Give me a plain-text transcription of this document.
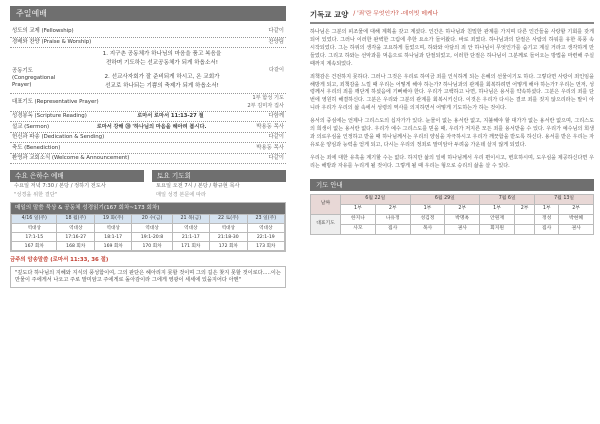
주일예배
성도의 교제 (Fellowship)	다같이
경배와 찬양 (Praise & Worship)	찬양팀
공동기도
(Congregational
Prayer)
1. 지구촌 공동체가 하나님의 마음을 품고 복음을
전하며 기도하는 선교공동체가 되게 하옵소서!
2. 선교사자회가 잘 준비되게 하시고, 온 교회가
선교로 하나되는 기쁨의 축제가 되게 하옵소서!
다같이
대표기도 (Representative Prayer)
1부 함성 기도
2부 김미자 집사
성경봉독 (Scripture Reading)	로마서 로마서 11:13-27 절	다함께
설교 (Sermon)	로마서 강해 ⑳ '하나님의 마음을 헤아려 봅시다.	박용동 목사
헌신과 파송 (Dedication & Sending)	다같이
축도 (Benediction)	박용동 목사
환영과 교회소식 (Welcome & Announcement)	다같이
수요 은하수 예배
수요일 저녁 7:30 / 본당 / 정하기 전도사
"성경을 위한 결단"
토요 기도회
토요일 오전 7시 / 본당 / 황규현 목사
매일 성경 본문에 따라
매일의 말씀 묵상 & 공동체 성경읽기(167 회차~173 회차)
4/16 일(주)	18 월(주)	19 화(주)	20 수(금)	21 목(금)	22 토(주)	23 일(주)
역대상	역대상	역대상	역대상	역대상	역대상	역대상
17:1-15	17:16-27	18:1-17	19:1-20:8	21:1-17	21:18-30	22:1-19
167 회차	168 회차	169 회차	170 회차	171 회차	172 회차	173 회차
금주의 암송말씀 (로마서 11:33, 36 절)
"깊도다 하나님의 지혜와 지식의 풍성함이여, 그의 판단은 헤아리지 못할 것이며 그의 길은 찾지 못할 것이로다.....이는 만물이 주에게서 나오고 주로 말미암고 주에게로 돌아감이라 그에게 영광이 세세에 있을지어다 아멘"
기독교 교양 / '죄'란 무엇인가? -데이빗 메케나
하나님은 그분의 피조물에 대해 계획을 갖고 계셨다. 인간은 하나님과 친밀한 관계를 가지며 다른 인간들을 사랑할 기회를 갖게 되어 있었다. 그러나 이러한 완벽한 그림에 추한 요소가 들어왔다. 바로 죄였다. 하나님과의 단절은 사람의 하워를 유한 폭풍 속 시작되었다. 그는 하위의 생각을 고요하게 들었으며, 하와와 아담의 죄 안 하나님이 무엇인가를 숨기고 계실 거라고 생각하게 만들었다. 그리고 하와는 선악과를 먹음으로 하나님과 단절되었고, 이러한 단절은 하나님이 그분께로 들어오는 방법을 마련해 주실 때까지 계속되었다.
죄책감은 건전하지 못하다. 그러나 그것은 우리로 하여금 죄를 인식하게 되는 은혜의 선물이기도 하다. 그렇다면 사랑이 죄인임을 해방게 되고, 죄책감을 느낄 때 우리는 어떻게 해야 하는가? 하나님과의 관계를 회복하려면 어떻게 해야 하는가? 우리는 먼저, 성령께서 우리의 죄를 깨닫게 하셨음에 기뻐해야 한다. 우리가 고백하고 나면, 하나님은 용서를 약속하셨다. 그분은 우리의 죄를 단번에 영원히 해결하신다. 그분은 우리와 그분의 관계를 회복시키신다. 이것은 우리가 다시는 결코 죄를 짓지 않으리라는 말이 아니라 우리가 우리의 삶 속에서 성령의 역사를 의지하면서 어떻게 기도하는가 하는 것이다.
용서의 중심에는 언제나 그리스도의 십자가가 있다. 눈물이 없는 용서란 없고, 지불해야 할 대가가 없는 용서란 없으며, 그리스도의 희생이 없는 용서란 없다. 우리가 예수 그리스도를 믿을 때, 우리가 저지른 모든 죄를 용서받을 수 있다. 우리가 예수님의 희생과 의로우심을 인정하고 받을 때 하나님께서는 우리의 양심을 자극하시고 우리가 깨끗함을 받도록 하신다. 용서를 받은 우리는 자유로운 양심과 능력을 얻게 되고, 다시는 우리의 정죄로 말미암아 두려움 가운데 살지 않게 되었다.
우리는 죄에 대한 유혹을 계기할 수는 없다. 하지만 삶의 일에 하나님께서 우리 편이시고, 변호하시며, 도우심을 제공하신다면 우리는 해방과 자유를 누리게 될 것이다. 그렇게 될 때 우리는 형으로 승리의 삶을 살 수 있다.
기도 안내
날짜	6월 22일		6월 29일		7월 6일		7월 13일	
	1부	2부	1부	2부	1부	2부	1부	2부
대표기도	한지나	나유정	성김정	박명옥	안원재		정성	박현혜
	사모	집사	목사	권사	회지원		집사	권사
